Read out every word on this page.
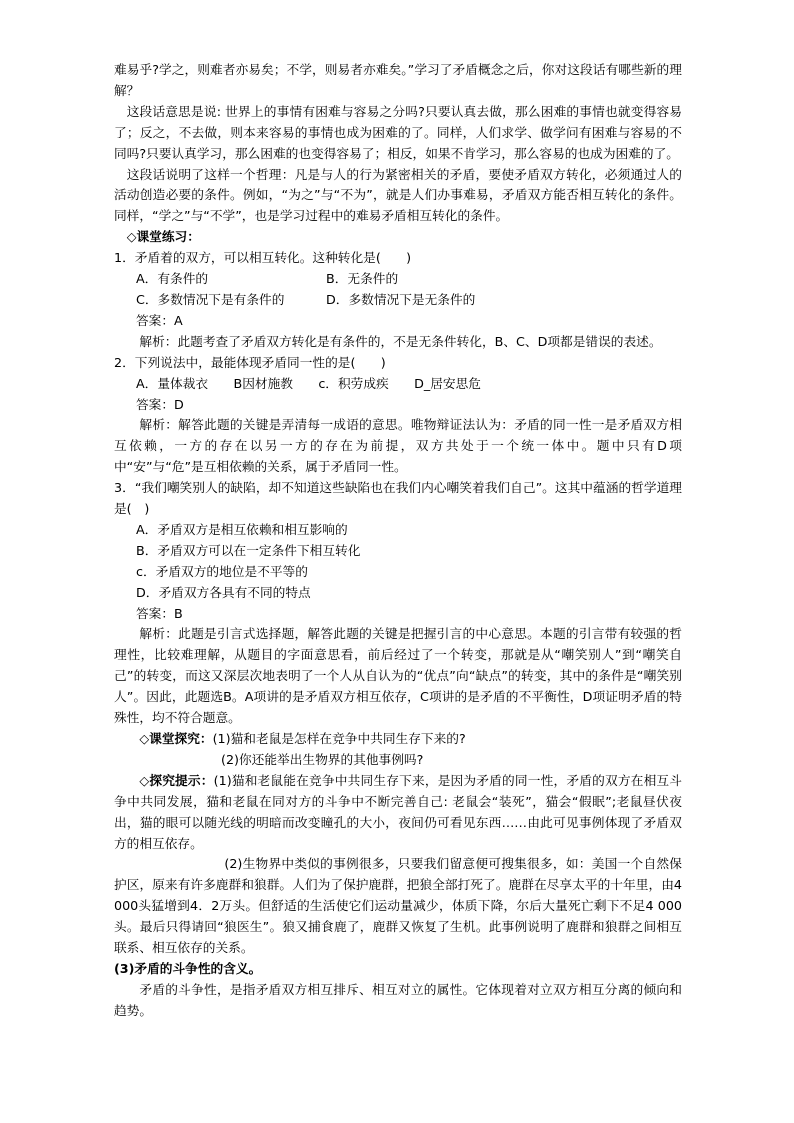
难易乎?学之，则难者亦易矣；不学，则易者亦难矣。”学习了矛盾概念之后，你对这段话有哪些新的理解？

这段话意思是说: 世界上的事情有困难与容易之分吗?只要认真去做，那么困难的事情也就变得容易了；反之，不去做，则本来容易的事情也成为困难的了。同样，人们求学、做学问有困难与容易的不同吗?只要认真学习，那么困难的也变得容易了；相反，如果不肯学习，那么容易的也成为困难的了。

这段话说明了这样一个哲理：凡是与人的行为紧密相关的矛盾，要使矛盾双方转化，必须通过人的活动创造必要的条件。例如，“为之”与“不为”，就是人们办事难易，矛盾双方能否相互转化的条件。同样，“学之”与“不学”，也是学习过程中的难易矛盾相互转化的条件。

◇课堂练习：

1．矛盾着的双方，可以相互转化。这种转化是(　　)

A．有条件的	B．无条件的
C．多数情况下是有条件的	D．多数情况下是无条件的

答案：A

解析：此题考查了矛盾双方转化是有条件的，不是无条件转化，B、C、D项都是错误的表述。

2．下列说法中，最能体现矛盾同一性的是(　　)

A．量体裁衣　　B因材施教　　c．积劳成疾　　D_居安思危

答案：D

解析：解答此题的关键是弄清每一成语的意思。唯物辩证法认为：矛盾的同一性一是矛盾双方相互依赖，一方的存在以另一方的存在为前提，双方共处于一个统一体中。题中只有D项中“安”与“危”是互相依赖的关系，属于矛盾同一性。

3．“我们嘲笑别人的缺陷，却不知道这些缺陷也在我们内心嘲笑着我们自己”。这其中蕴涵的哲学道理是(　)

A．矛盾双方是相互依赖和相互影响的

B．矛盾双方可以在一定条件下相互转化

c．矛盾双方的地位是不平等的

D．矛盾双方各具有不同的特点

答案：B

解析：此题是引言式选择题，解答此题的关键是把握引言的中心意思。本题的引言带有较强的哲理性，比较难理解，从题目的字面意思看，前后经过了一个转变，那就是从“嘲笑别人”到“嘲笑自己”的转变，而这又深层次地表明了一个人从自认为的“优点”向“缺点”的转变，其中的条件是“嘲笑别人”。因此，此题选B。A项讲的是矛盾双方相互依存，C项讲的是矛盾的不平衡性，D项证明矛盾的特殊性，均不符合题意。

◇课堂探究：(1)猫和老鼠是怎样在竞争中共同生存下来的?

(2)你还能举出生物界的其他事例吗?

◇探究提示：(1)猫和老鼠能在竞争中共同生存下来，是因为矛盾的同一性，矛盾的双方在相互斗争中共同发展，猫和老鼠在同对方的斗争中不断完善自己: 老鼠会“装死”，猫会“假眠”;老鼠昼伏夜出，猫的眼可以随光线的明暗而改变瞳孔的大小，夜间仍可看见东西……由此可见事例体现了矛盾双方的相互依存。

(2)生物界中类似的事例很多，只要我们留意便可搜集很多，如：美国一个自然保护区，原来有许多鹿群和狼群。人们为了保护鹿群，把狼全部打死了。鹿群在尽享太平的十年里，由4 000头猛增到4．2万头。但舒适的生活使它们运动量减少，体质下降，尔后大量死亡剩下不足4 000头。最后只得请回“狼医生”。狼又捕食鹿了，鹿群又恢复了生机。此事例说明了鹿群和狼群之间相互联系、相互依存的关系。

(3)矛盾的斗争性的含义。

矛盾的斗争性，是指矛盾双方相互排斥、相互对立的属性。它体现着对立双方相互分离的倾向和趋势。
